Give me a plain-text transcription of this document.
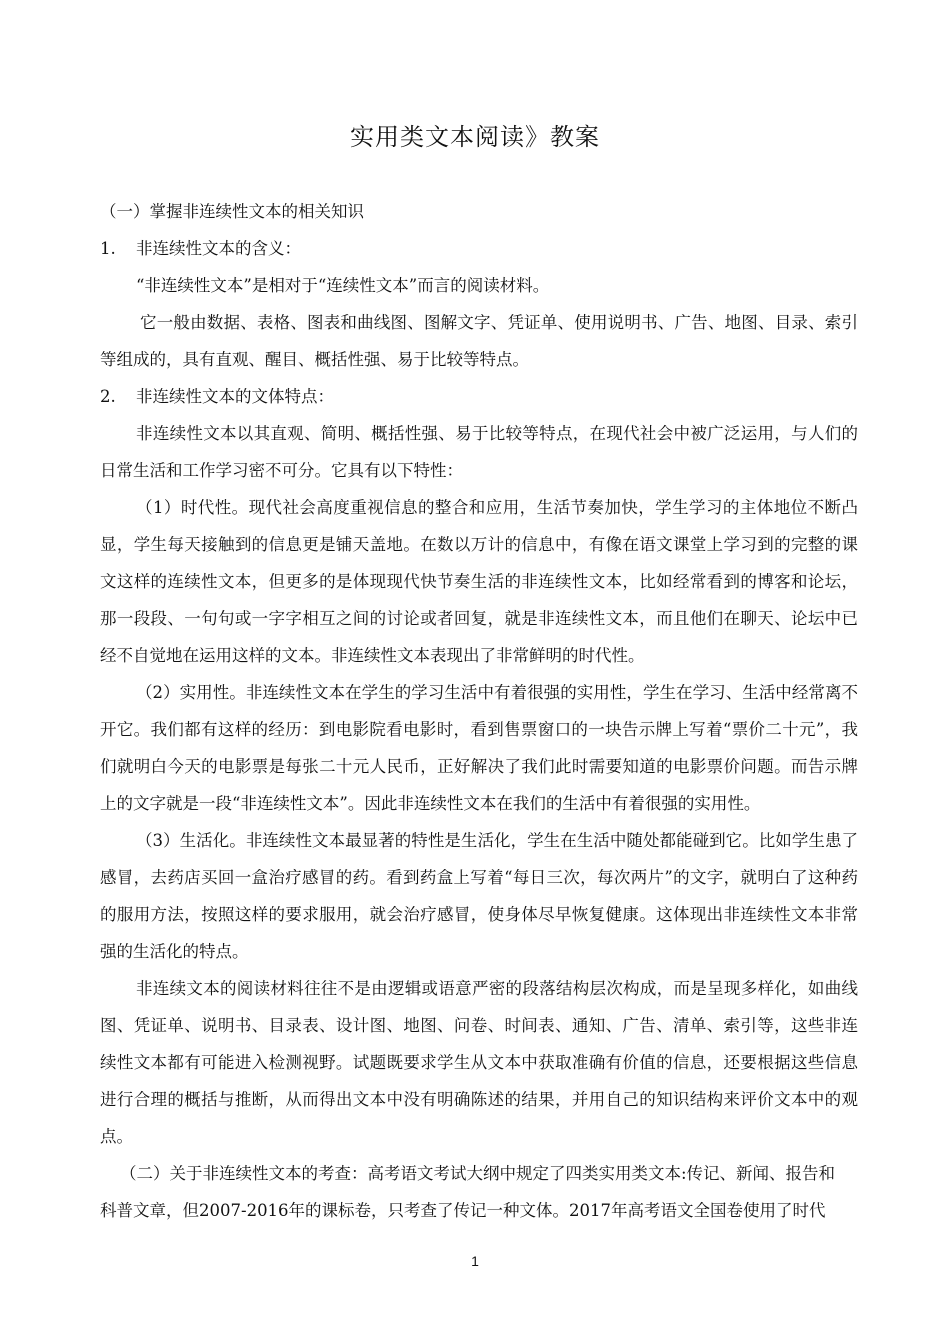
实用类文本阅读》教案

（一）掌握非连续性文本的相关知识

1. 非连续性文本的含义：

“非连续性文本”是相对于“连续性文本”而言的阅读材料。

它一般由数据、表格、图表和曲线图、图解文字、凭证单、使用说明书、广告、地图、目录、索引等组成的，具有直观、醒目、概括性强、易于比较等特点。

2. 非连续性文本的文体特点：

非连续性文本以其直观、简明、概括性强、易于比较等特点，在现代社会中被广泛运用，与人们的日常生活和工作学习密不可分。它具有以下特性：

（1）时代性。现代社会高度重视信息的整合和应用，生活节奏加快，学生学习的主体地位不断凸显，学生每天接触到的信息更是铺天盖地。在数以万计的信息中，有像在语文课堂上学习到的完整的课文这样的连续性文本，但更多的是体现现代快节奏生活的非连续性文本，比如经常看到的博客和论坛，那一段段、一句句或一字字相互之间的讨论或者回复，就是非连续性文本，而且他们在聊天、论坛中已经不自觉地在运用这样的文本。非连续性文本表现出了非常鲜明的时代性。

（2）实用性。非连续性文本在学生的学习生活中有着很强的实用性，学生在学习、生活中经常离不开它。我们都有这样的经历：到电影院看电影时，看到售票窗口的一块告示牌上写着“票价二十元”，我们就明白今天的电影票是每张二十元人民币，正好解决了我们此时需要知道的电影票价问题。而告示牌上的文字就是一段“非连续性文本”。因此非连续性文本在我们的生活中有着很强的实用性。

（3）生活化。非连续性文本最显著的特性是生活化，学生在生活中随处都能碰到它。比如学生患了感冒，去药店买回一盒治疗感冒的药。看到药盒上写着“每日三次，每次两片”的文字，就明白了这种药的服用方法，按照这样的要求服用，就会治疗感冒，使身体尽早恢复健康。这体现出非连续性文本非常强的生活化的特点。

非连续文本的阅读材料往往不是由逻辑或语意严密的段落结构层次构成，而是呈现多样化，如曲线图、凭证单、说明书、目录表、设计图、地图、问卷、时间表、通知、广告、清单、索引等，这些非连续性文本都有可能进入检测视野。试题既要求学生从文本中获取准确有价值的信息，还要根据这些信息进行合理的概括与推断，从而得出文本中没有明确陈述的结果，并用自己的知识结构来评价文本中的观点。

（二）关于非连续性文本的考查：高考语文考试大纲中规定了四类实用类文本:传记、新闻、报告和

科普文章，但2007-2016年的课标卷，只考查了传记一种文体。2017年高考语文全国卷使用了时代

1
